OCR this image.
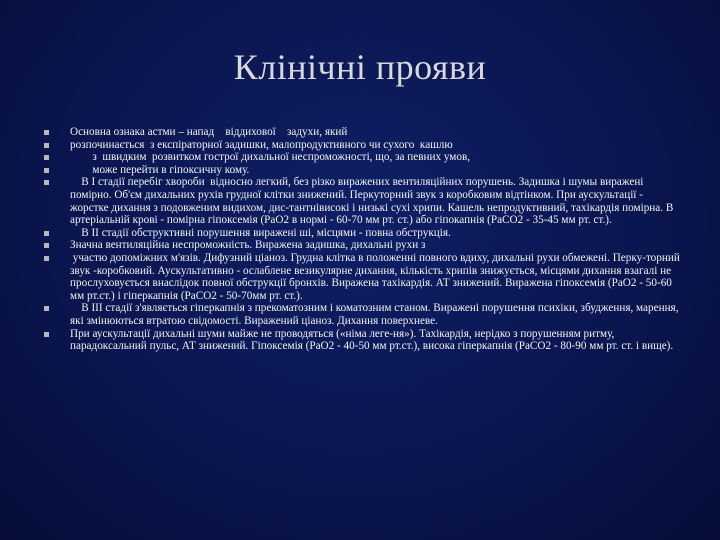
Клінічні прояви
Основна ознака астми – напад    віддихової    задухи, який
розпочинається  з експіраторної задишки, малопродуктивного чи сухого  кашлю
з  швидким  розвитком гострої дихальної неспроможності, що, за певних умов,
може перейти в гіпоксичну кому.
В І стадії перебіг хвороби  відносно легкий, без різко виражених вентиляційних порушень. Задишка і шумы виражені помірно. Об'єм дихальних рухів грудної клітки знижений. Перкуторний звук з коробковим відтінком. При аускультації - жорстке дихання з подовженим видихом, дис-тантнівисокі і низькі сухі хрипи. Кашель непродуктивний, тахікардія помірна. В артеріальній крові - помірна гіпоксемія (РаО2 в нормі - 60-70 мм рт. ст.) або гіпокапнія (РаСО2 - 35-45 мм рт. ст.).
В ІІ стадії обструктивні порушення виражені ші, місцями - повна обструкція.
Значна вентиляційна неспроможність. Виражена задишка, дихальні рухи з
участю допоміжних м'язів. Дифузний ціаноз. Грудна клітка в положенні повного вдиху, дихальні рухи обмежені. Перку-торний звук -коробковий. Аускультативно - ослаблене везикулярне дихання, кількість хрипів знижується, місцями дихання взагалі не прослуховується внаслідок повної обструкції бронхів. Виражена тахікардія. АТ знижений. Виражена гіпоксемія (РаО2 - 50-60 мм рт.ст.) і гіперкапнія (РаСО2 - 50-70мм рт. ст.).
В ІІІ стадії з'являється гіперкапнія з прекоматозним і коматозним станом. Виражені порушення психіки, збудження, марення, які змінюються втратою свідомості. Виражений ціаноз. Дихання поверхневе.
При аускультації дихальні шуми майже не проводяться («німа леге-ня»). Тахікардія, нерідко з порушенням ритму, парадоксальний пульс, АТ знижений. Гіпоксемія (РаО2 - 40-50 мм рт.ст.), висока гіперкапнія (РаСО2 - 80-90 мм рт. ст. і вище).
